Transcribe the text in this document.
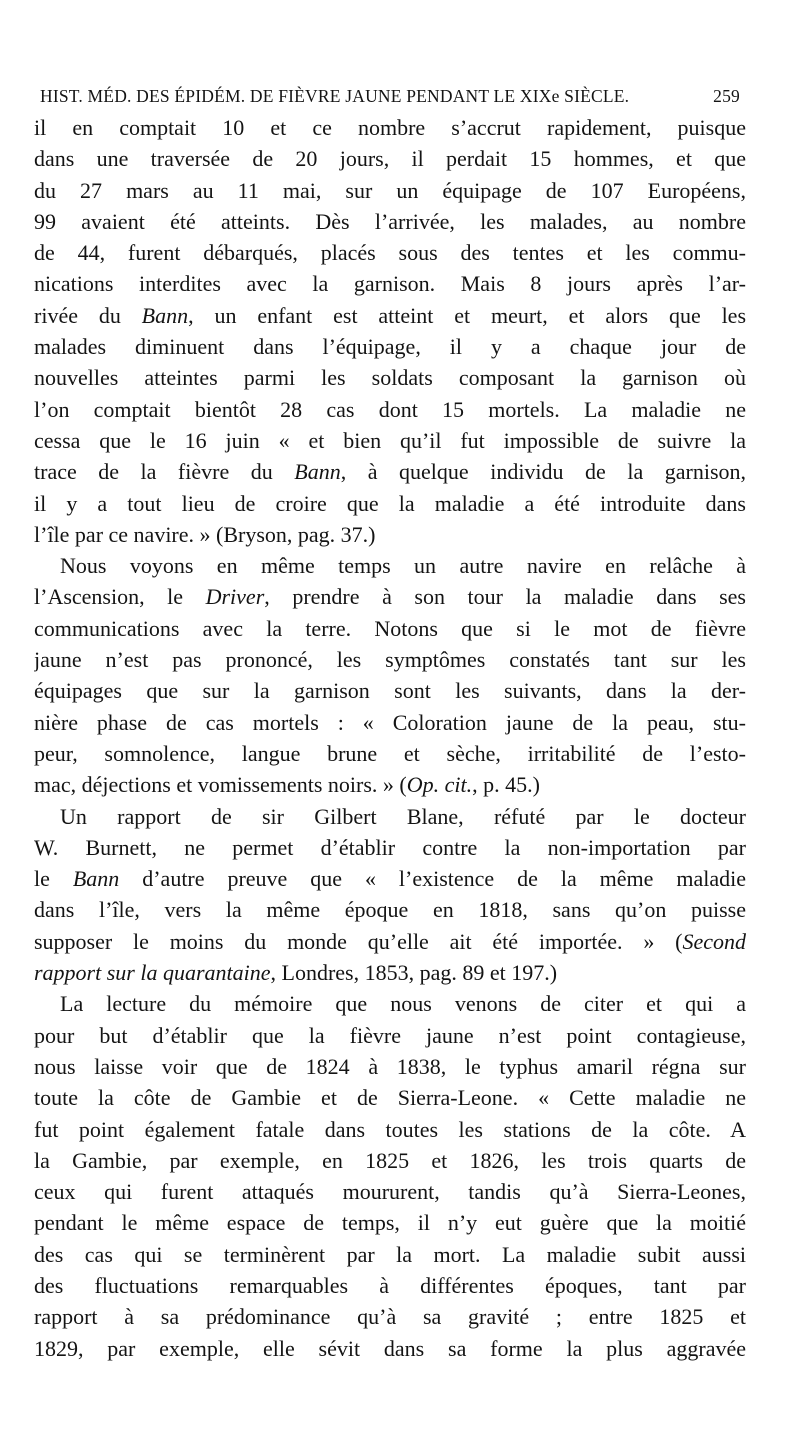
HIST. MÉD. DES ÉPIDÉM. DE FIÈVRE JAUNE PENDANT LE XIXe SIÈCLE.	259
il en comptait 10 et ce nombre s’accrut rapidement, puisque
dans une traversée de 20 jours, il perdait 15 hommes, et que
du 27 mars au 11 mai, sur un équipage de 107 Européens,
99 avaient été atteints. Dès l’arrivée, les malades, au nombre
de 44, furent débarqués, placés sous des tentes et les commu-
nications interdites avec la garnison. Mais 8 jours après l’ar-
rivée du Bann, un enfant est atteint et meurt, et alors que les
malades diminuent dans l’équipage, il y a chaque jour de
nouvelles atteintes parmi les soldats composant la garnison où
l’on comptait bientôt 28 cas dont 15 mortels. La maladie ne
cessa que le 16 juin « et bien qu’il fut impossible de suivre la
trace de la fièvre du Bann, à quelque individu de la garnison,
il y a tout lieu de croire que la maladie a été introduite dans
l’île par ce navire. » (Bryson, pag. 37.)
Nous voyons en même temps un autre navire en relâche à
l’Ascension, le Driver, prendre à son tour la maladie dans ses
communications avec la terre. Notons que si le mot de fièvre
jaune n’est pas prononcé, les symptômes constatés tant sur les
équipages que sur la garnison sont les suivants, dans la der-
nière phase de cas mortels : « Coloration jaune de la peau, stu-
peur, somnolence, langue brune et sèche, irritabilité de l’esto-
mac, déjections et vomissements noirs. » (Op. cit., p. 45.)
Un rapport de sir Gilbert Blane, réfuté par le docteur
W. Burnett, ne permet d’établir contre la non-importation par
le Bann d’autre preuve que « l’existence de la même maladie
dans l’île, vers la même époque en 1818, sans qu’on puisse
supposer le moins du monde qu’elle ait été importée. » (Second
rapport sur la quarantaine, Londres, 1853, pag. 89 et 197.)
La lecture du mémoire que nous venons de citer et qui a
pour but d’établir que la fièvre jaune n’est point contagieuse,
nous laisse voir que de 1824 à 1838, le typhus amaril régna sur
toute la côte de Gambie et de Sierra-Leone. « Cette maladie ne
fut point également fatale dans toutes les stations de la côte. A
la Gambie, par exemple, en 1825 et 1826, les trois quarts de
ceux qui furent attaqués moururent, tandis qu’à Sierra-Leones,
pendant le même espace de temps, il n’y eut guère que la moitié
des cas qui se terminèrent par la mort. La maladie subit aussi
des fluctuations remarquables à différentes époques, tant par
rapport à sa prédominance qu’à sa gravité ; entre 1825 et
1829, par exemple, elle sévit dans sa forme la plus aggravée
